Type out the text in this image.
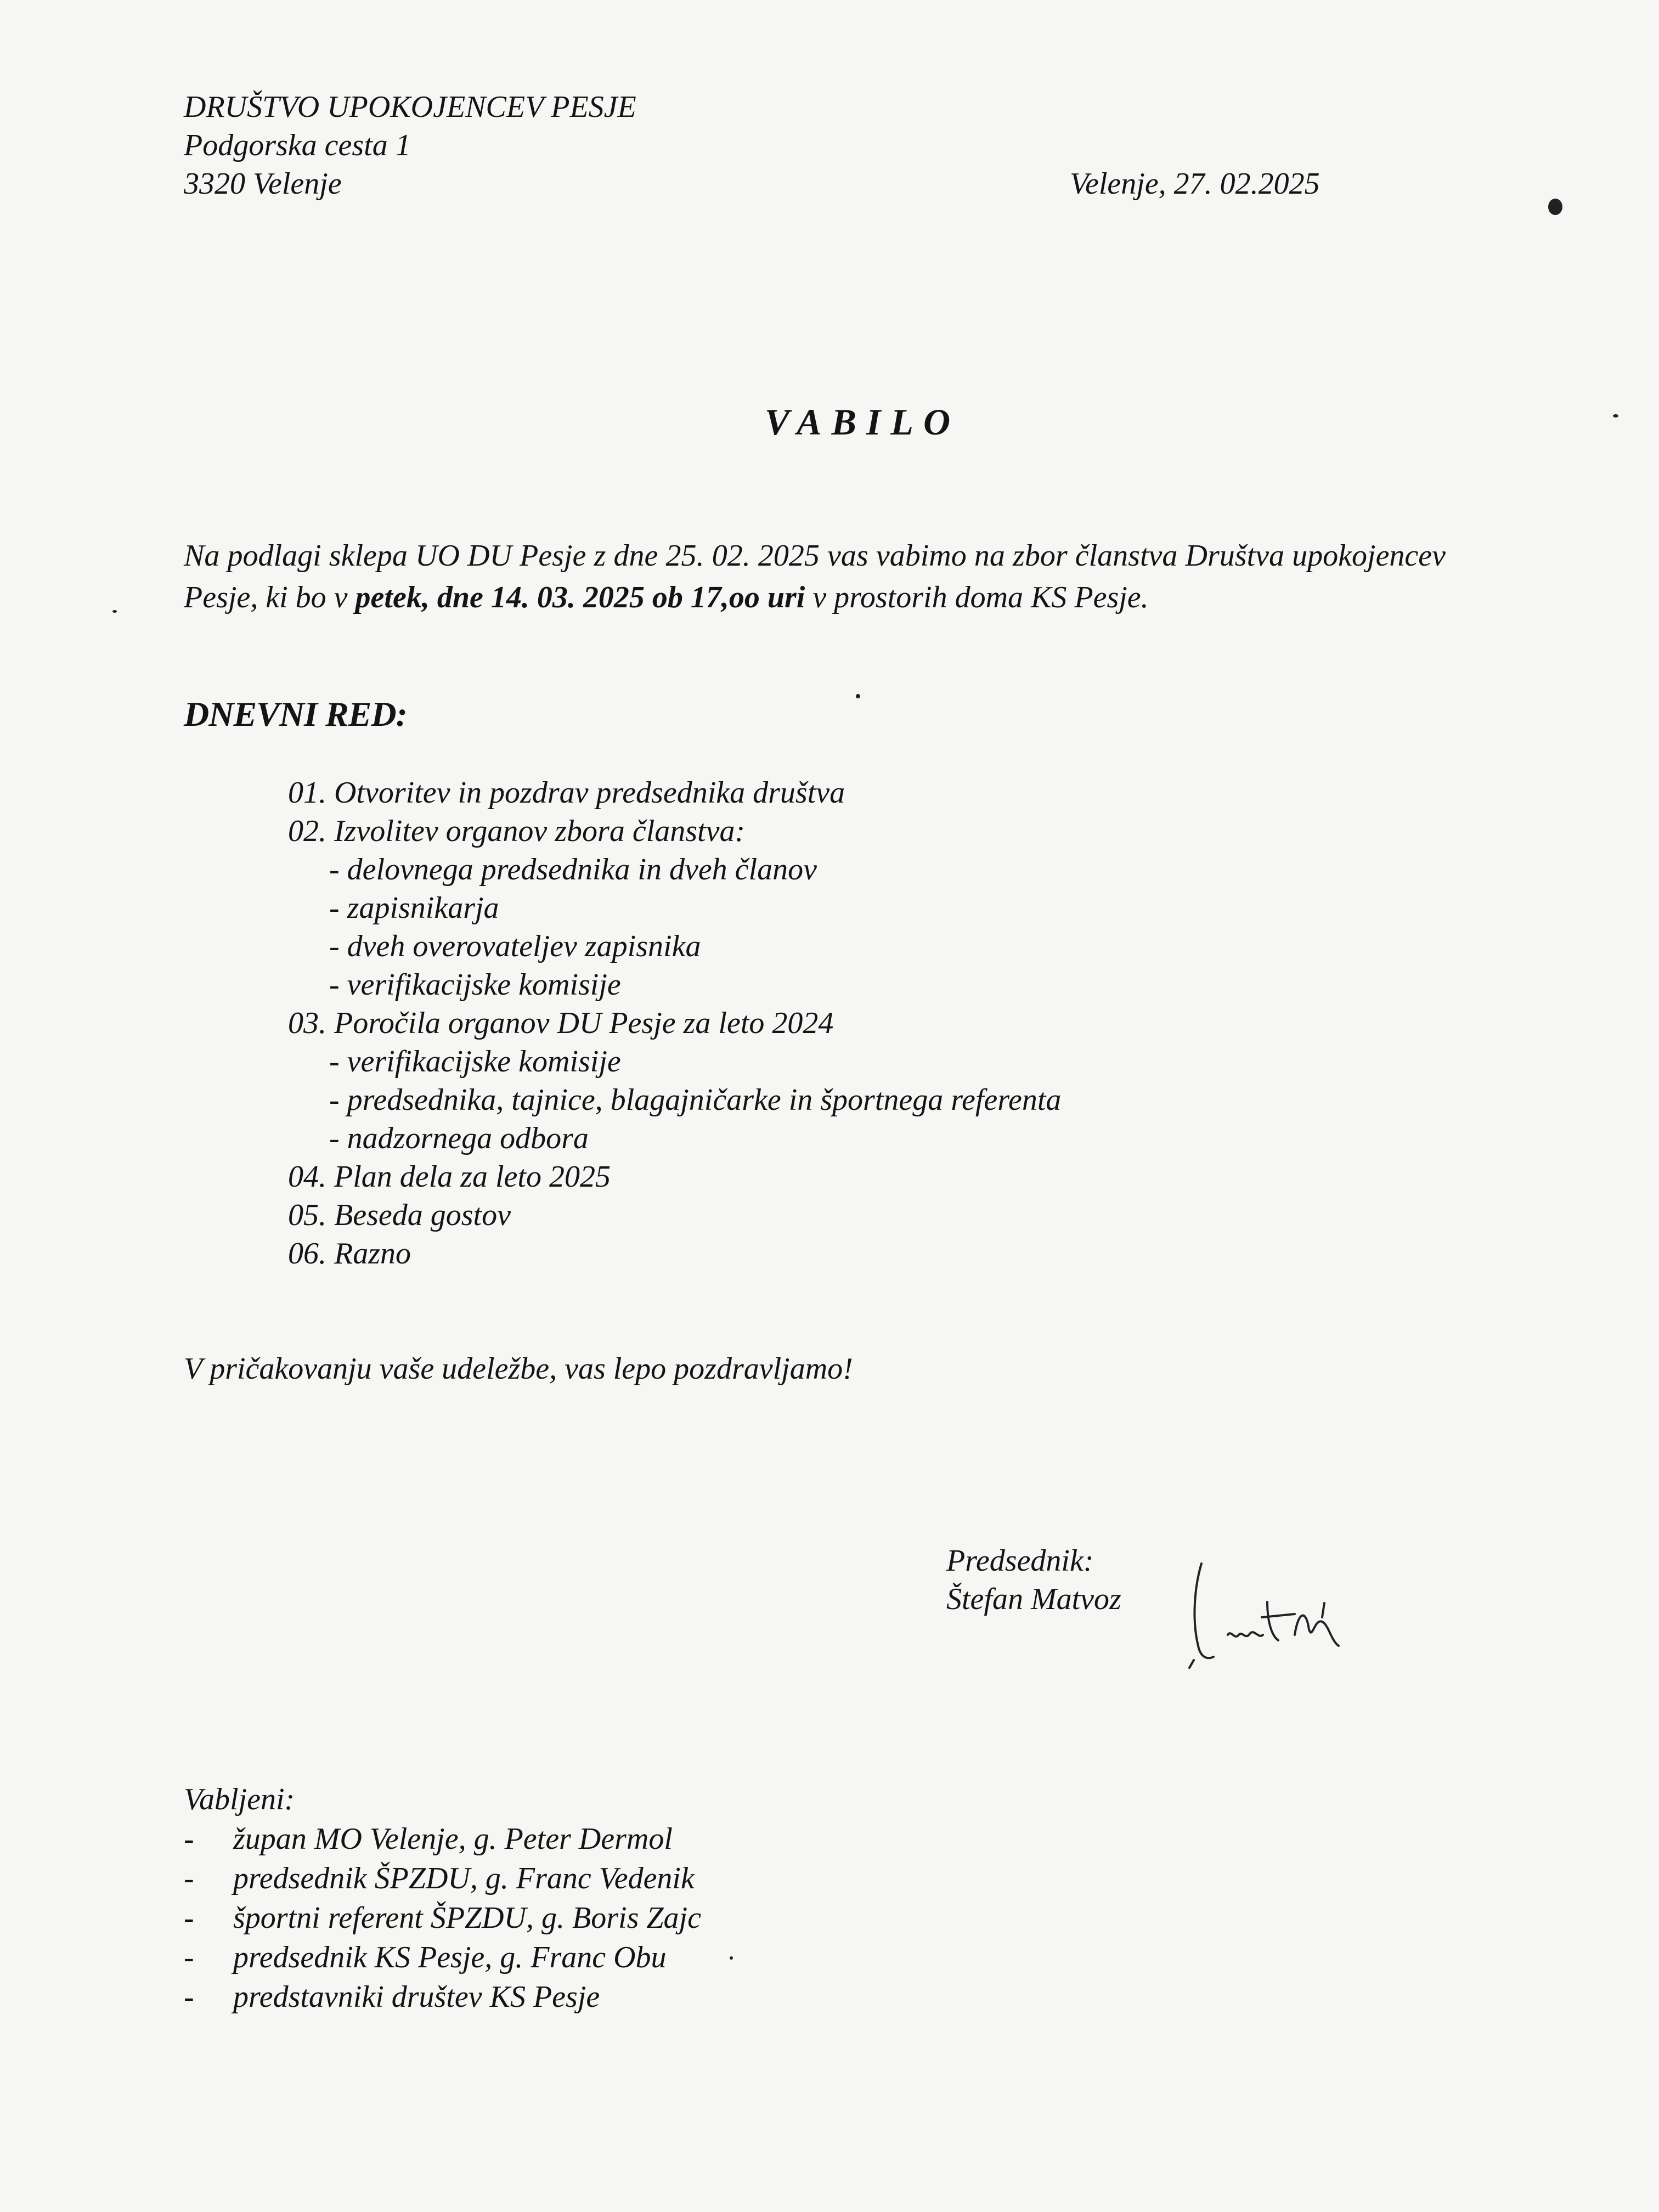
DRUŠTVO UPOKOJENCEV PESJE
Podgorska cesta 1
3320 Velenje	Velenje, 27. 02.2025
VABILO

Na podlagi sklepa UO DU Pesje z dne 25. 02. 2025 vas vabimo na zbor članstva Društva upokojencev Pesje, ki bo v petek, dne 14. 03. 2025 ob 17,oo uri v prostorih doma KS Pesje.

DNEVNI RED:
01. Otvoritev in pozdrav predsednika društva
02. Izvolitev organov zbora članstva:
- delovnega predsednika in dveh članov
- zapisnikarja
- dveh overovateljev zapisnika
- verifikacijske komisije
03. Poročila organov DU Pesje za leto 2024
- verifikacijske komisije
- predsednika, tajnice, blagajničarke in športnega referenta
- nadzornega odbora
04. Plan dela za leto 2025
05. Beseda gostov
06. Razno
V pričakovanju vaše udeležbe, vas lepo pozdravljamo!
Predsednik:
Štefan Matvoz
Vabljeni:
- župan MO Velenje, g. Peter Dermol
- predsednik ŠPZDU, g. Franc Vedenik
- športni referent ŠPZDU, g. Boris Zajc
- predsednik KS Pesje, g. Franc Obu
- predstavniki društev KS Pesje
